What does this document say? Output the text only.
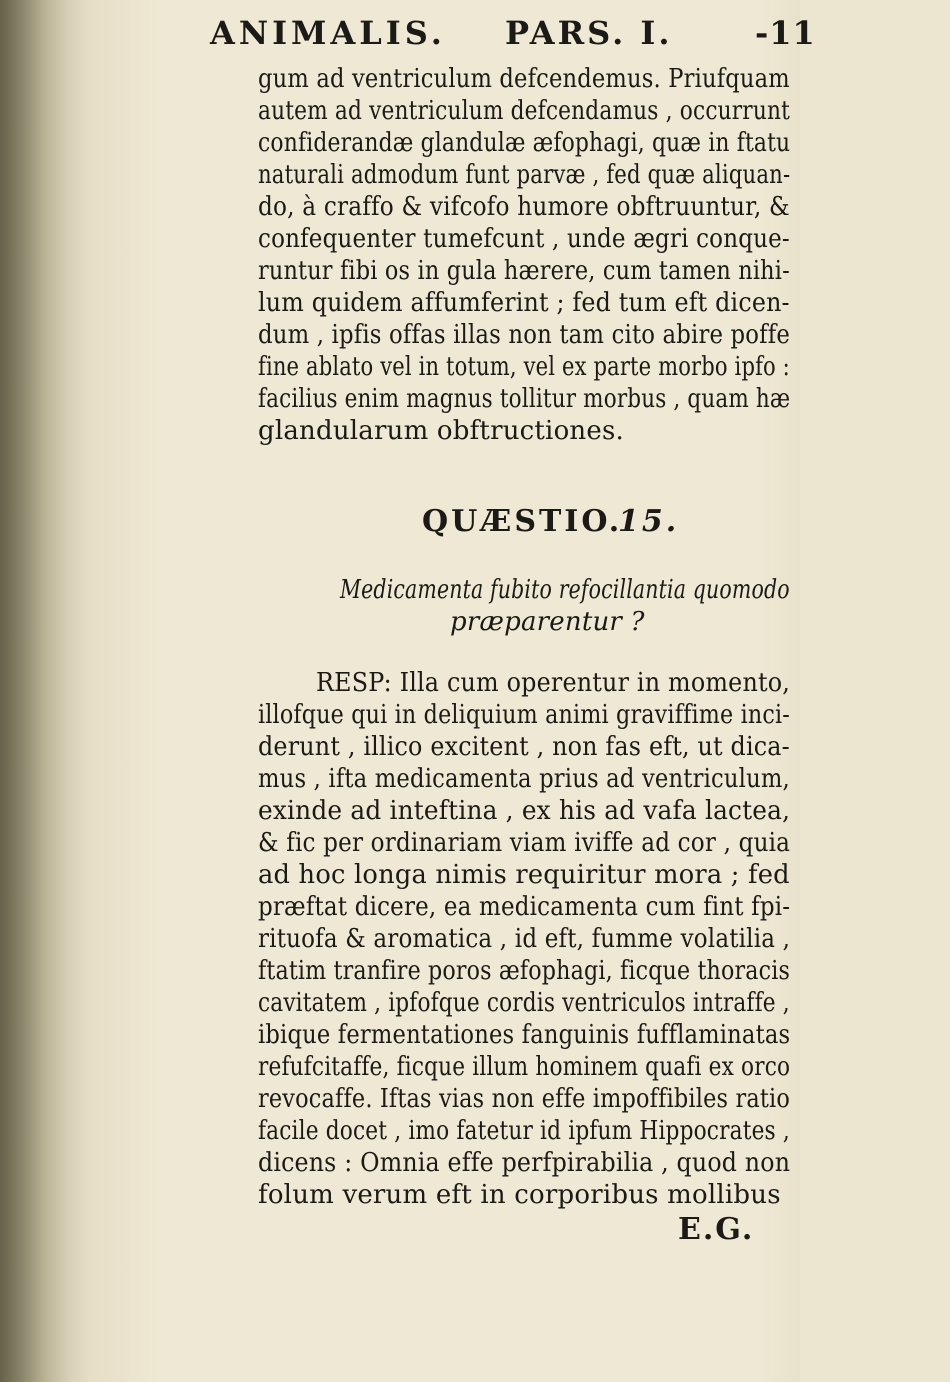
ANIMALIS. PARS. I.	-11
gum ad ventriculum defcendemus. Priufquam
autem ad ventriculum defcendamus , occurrunt
confiderandæ glandulæ æfophagi, quæ in ftatu
naturali admodum funt parvæ , fed quæ aliquan-
do, à craffo & vifcofo humore obftruuntur, &
confequenter tumefcunt , unde ægri conque-
runtur fibi os in gula hærere, cum tamen nihi-
lum quidem affumferint ; fed tum eft dicen-
dum , ipfis offas illas non tam cito abire poffe
fine ablato vel in totum, vel ex parte morbo ipfo :
facilius enim magnus tollitur morbus , quam hæ
glandularum obftructiones.
QUÆSTIO.
15.
Medicamenta fubito refocillantia quomodo
præparentur ?
RESP: Illa cum operentur in momento,
illofque qui in deliquium animi graviffime inci-
derunt , illico excitent , non fas eft, ut dica-
mus , ifta medicamenta prius ad ventriculum,
exinde ad inteftina , ex his ad vafa lactea,
& fic per ordinariam viam iviffe ad cor , quia
ad hoc longa nimis requiritur mora ; fed
præftat dicere, ea medicamenta cum fint fpi-
rituofa & aromatica , id eft, fumme volatilia ,
ftatim tranfire poros æfophagi, ficque thoracis
cavitatem , ipfofque cordis ventriculos intraffe ,
ibique fermentationes fanguinis fufflaminatas
refufcitaffe, ficque illum hominem quafi ex orco
revocaffe. Iftas vias non effe impoffibiles ratio
facile docet , imo fatetur id ipfum Hippocrates ,
dicens : Omnia effe perfpirabilia , quod non
folum verum eft in corporibus mollibus
E.G.
